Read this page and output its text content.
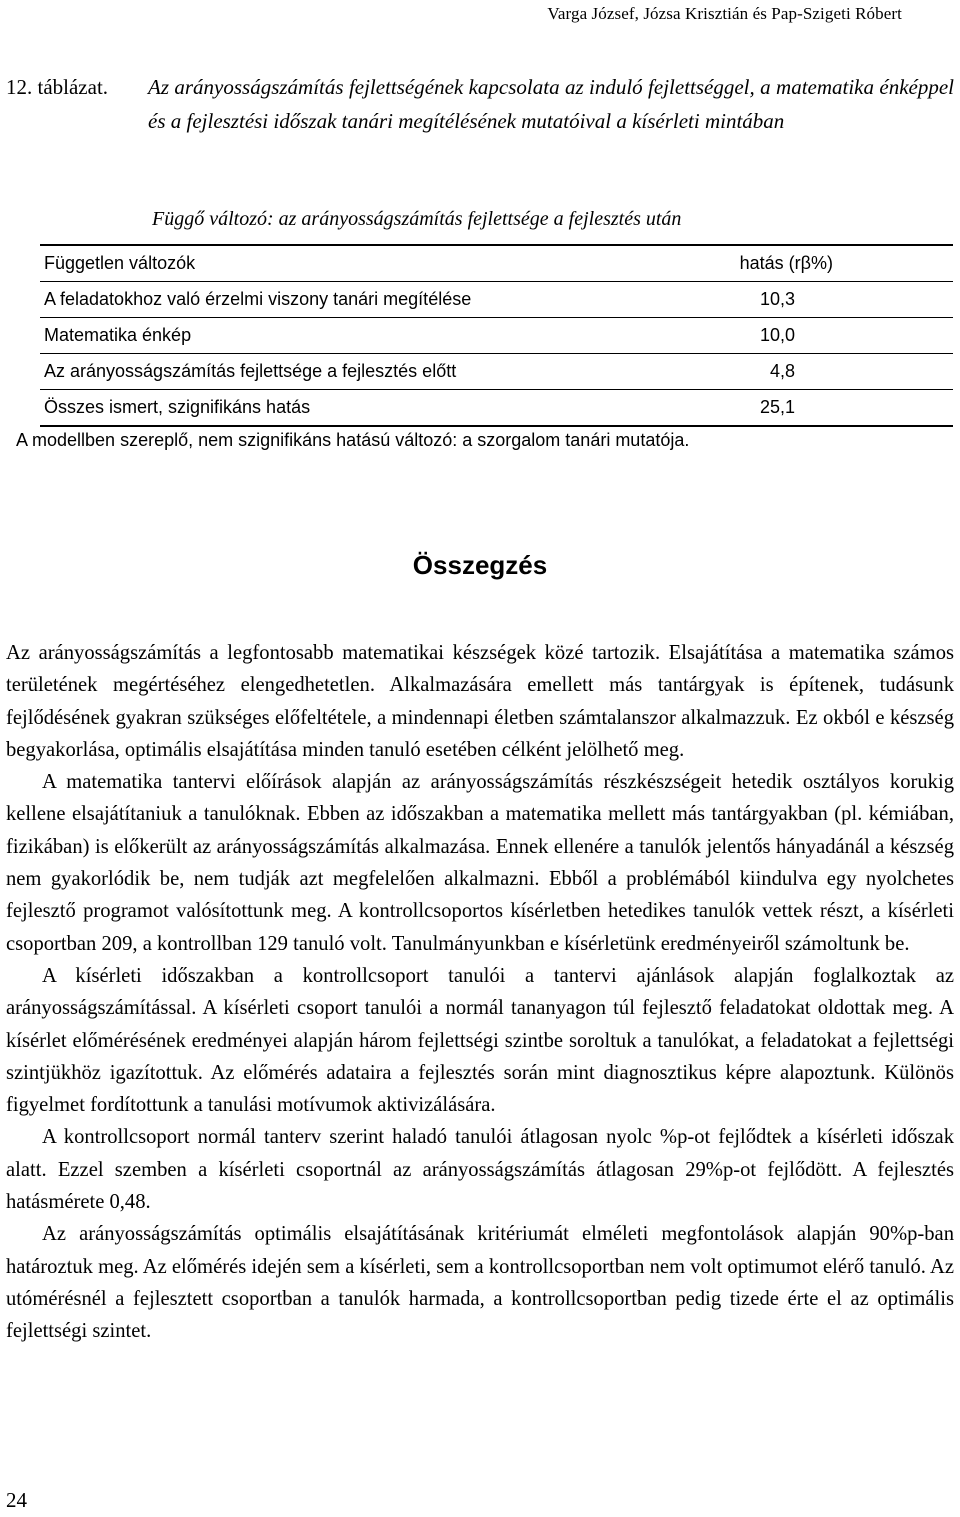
Varga József, Józsa Krisztián és Pap-Szigeti Róbert
12. táblázat. Az arányosságszámítás fejlettségének kapcsolata az induló fejlettséggel, a matematika énképpel és a fejlesztési időszak tanári megítélésének mutatóival a kísérleti mintában
Függő változó: az arányosságszámítás fejlettsége a fejlesztés után
Független változók	hatás (rβ%)
A feladatokhoz való érzelmi viszony tanári megítélése	10,3
Matematika énkép	10,0
Az arányosságszámítás fejlettsége a fejlesztés előtt	4,8
Összes ismert, szignifikáns hatás	25,1
A modellben szereplő, nem szignifikáns hatású változó: a szorgalom tanári mutatója.
Összegzés

Az arányosságszámítás a legfontosabb matematikai készségek közé tartozik. Elsajátítása a matematika számos területének megértéséhez elengedhetetlen. Alkalmazására emellett más tantárgyak is építenek, tudásunk fejlődésének gyakran szükséges előfeltétele, a mindennapi életben számtalanszor alkalmazzuk. Ez okból e készség begyakorlása, optimális elsajátítása minden tanuló esetében célként jelölhető meg.

A matematika tantervi előírások alapján az arányosságszámítás részkészségeit hetedik osztályos korukig kellene elsajátítaniuk a tanulóknak. Ebben az időszakban a matematika mellett más tantárgyakban (pl. kémiában, fizikában) is előkerült az arányosságszámítás alkalmazása. Ennek ellenére a tanulók jelentős hányadánál a készség nem gyakorlódik be, nem tudják azt megfelelően alkalmazni. Ebből a problémából kiindulva egy nyolchetes fejlesztő programot valósítottunk meg. A kontrollcsoportos kísérletben hetedikes tanulók vettek részt, a kísérleti csoportban 209, a kontrollban 129 tanuló volt. Tanulmányunkban e kísérletünk eredményeiről számoltunk be.

A kísérleti időszakban a kontrollcsoport tanulói a tantervi ajánlások alapján foglalkoztak az arányosságszámítással. A kísérleti csoport tanulói a normál tananyagon túl fejlesztő feladatokat oldottak meg. A kísérlet előmérésének eredményei alapján három fejlettségi szintbe soroltuk a tanulókat, a feladatokat a fejlettségi szintjükhöz igazítottuk. Az előmérés adataira a fejlesztés során mint diagnosztikus képre alapoztunk. Különös figyelmet fordítottunk a tanulási motívumok aktivizálására.

A kontrollcsoport normál tanterv szerint haladó tanulói átlagosan nyolc %p-ot fejlődtek a kísérleti időszak alatt. Ezzel szemben a kísérleti csoportnál az arányosságszámítás átlagosan 29%p-ot fejlődött. A fejlesztés hatásmérete 0,48.

Az arányosságszámítás optimális elsajátításának kritériumát elméleti megfontolások alapján 90%p-ban határoztuk meg. Az előmérés idején sem a kísérleti, sem a kontrollcsoportban nem volt optimumot elérő tanuló. Az utómérésnél a fejlesztett csoportban a tanulók harmada, a kontrollcsoportban pedig tizede érte el az optimális fejlettségi szintet.

24
